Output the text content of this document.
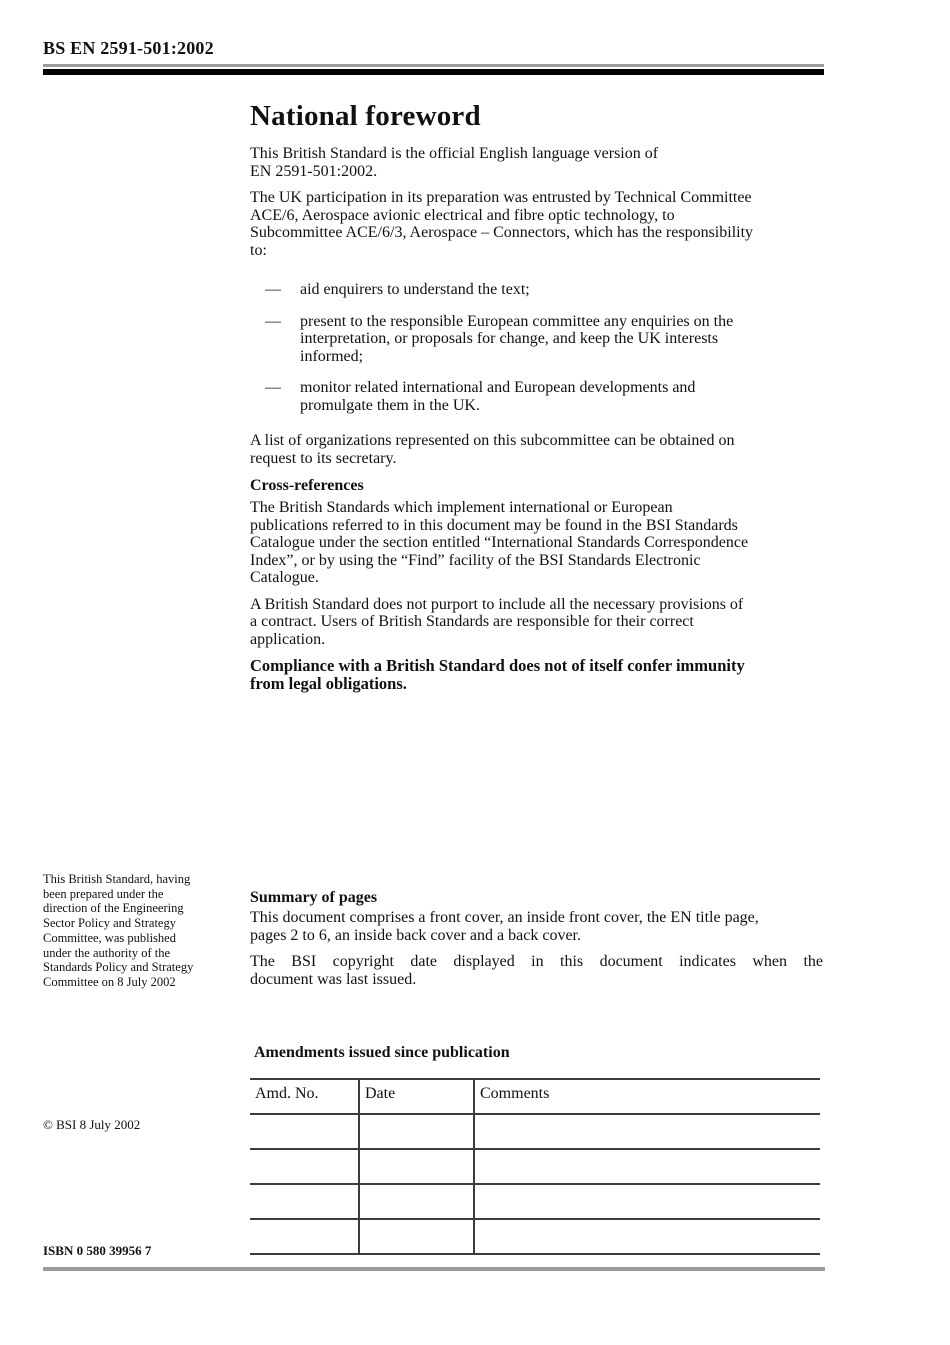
BS EN 2591-501:2002
National foreword

This British Standard is the official English language version of
EN 2591-501:2002.

The UK participation in its preparation was entrusted by Technical Committee
ACE/6, Aerospace avionic electrical and fibre optic technology, to
Subcommittee ACE/6/3, Aerospace – Connectors, which has the responsibility
to:

—	aid enquirers to understand the text;
—	present to the responsible European committee any enquiries on the
interpretation, or proposals for change, and keep the UK interests
informed;
—	monitor related international and European developments and
promulgate them in the UK.

A list of organizations represented on this subcommittee can be obtained on
request to its secretary.

Cross-references

The British Standards which implement international or European
publications referred to in this document may be found in the BSI Standards
Catalogue under the section entitled “International Standards Correspondence
Index”, or by using the “Find” facility of the BSI Standards Electronic
Catalogue.

A British Standard does not purport to include all the necessary provisions of
a contract. Users of British Standards are responsible for their correct
application.

Compliance with a British Standard does not of itself confer immunity
from legal obligations.

This British Standard, having
been prepared under the
direction of the Engineering
Sector Policy and Strategy
Committee, was published
under the authority of the
Standards Policy and Strategy
Committee on 8 July 2002
© BSI 8 July 2002
ISBN 0 580 39956 7
Summary of pages

This document comprises a front cover, an inside front cover, the EN title page,
pages 2 to 6, an inside back cover and a back cover.

The BSI copyright date displayed in this document indicates when the
document was last issued.

Amendments issued since publication
Amd. No.	Date	Comments
